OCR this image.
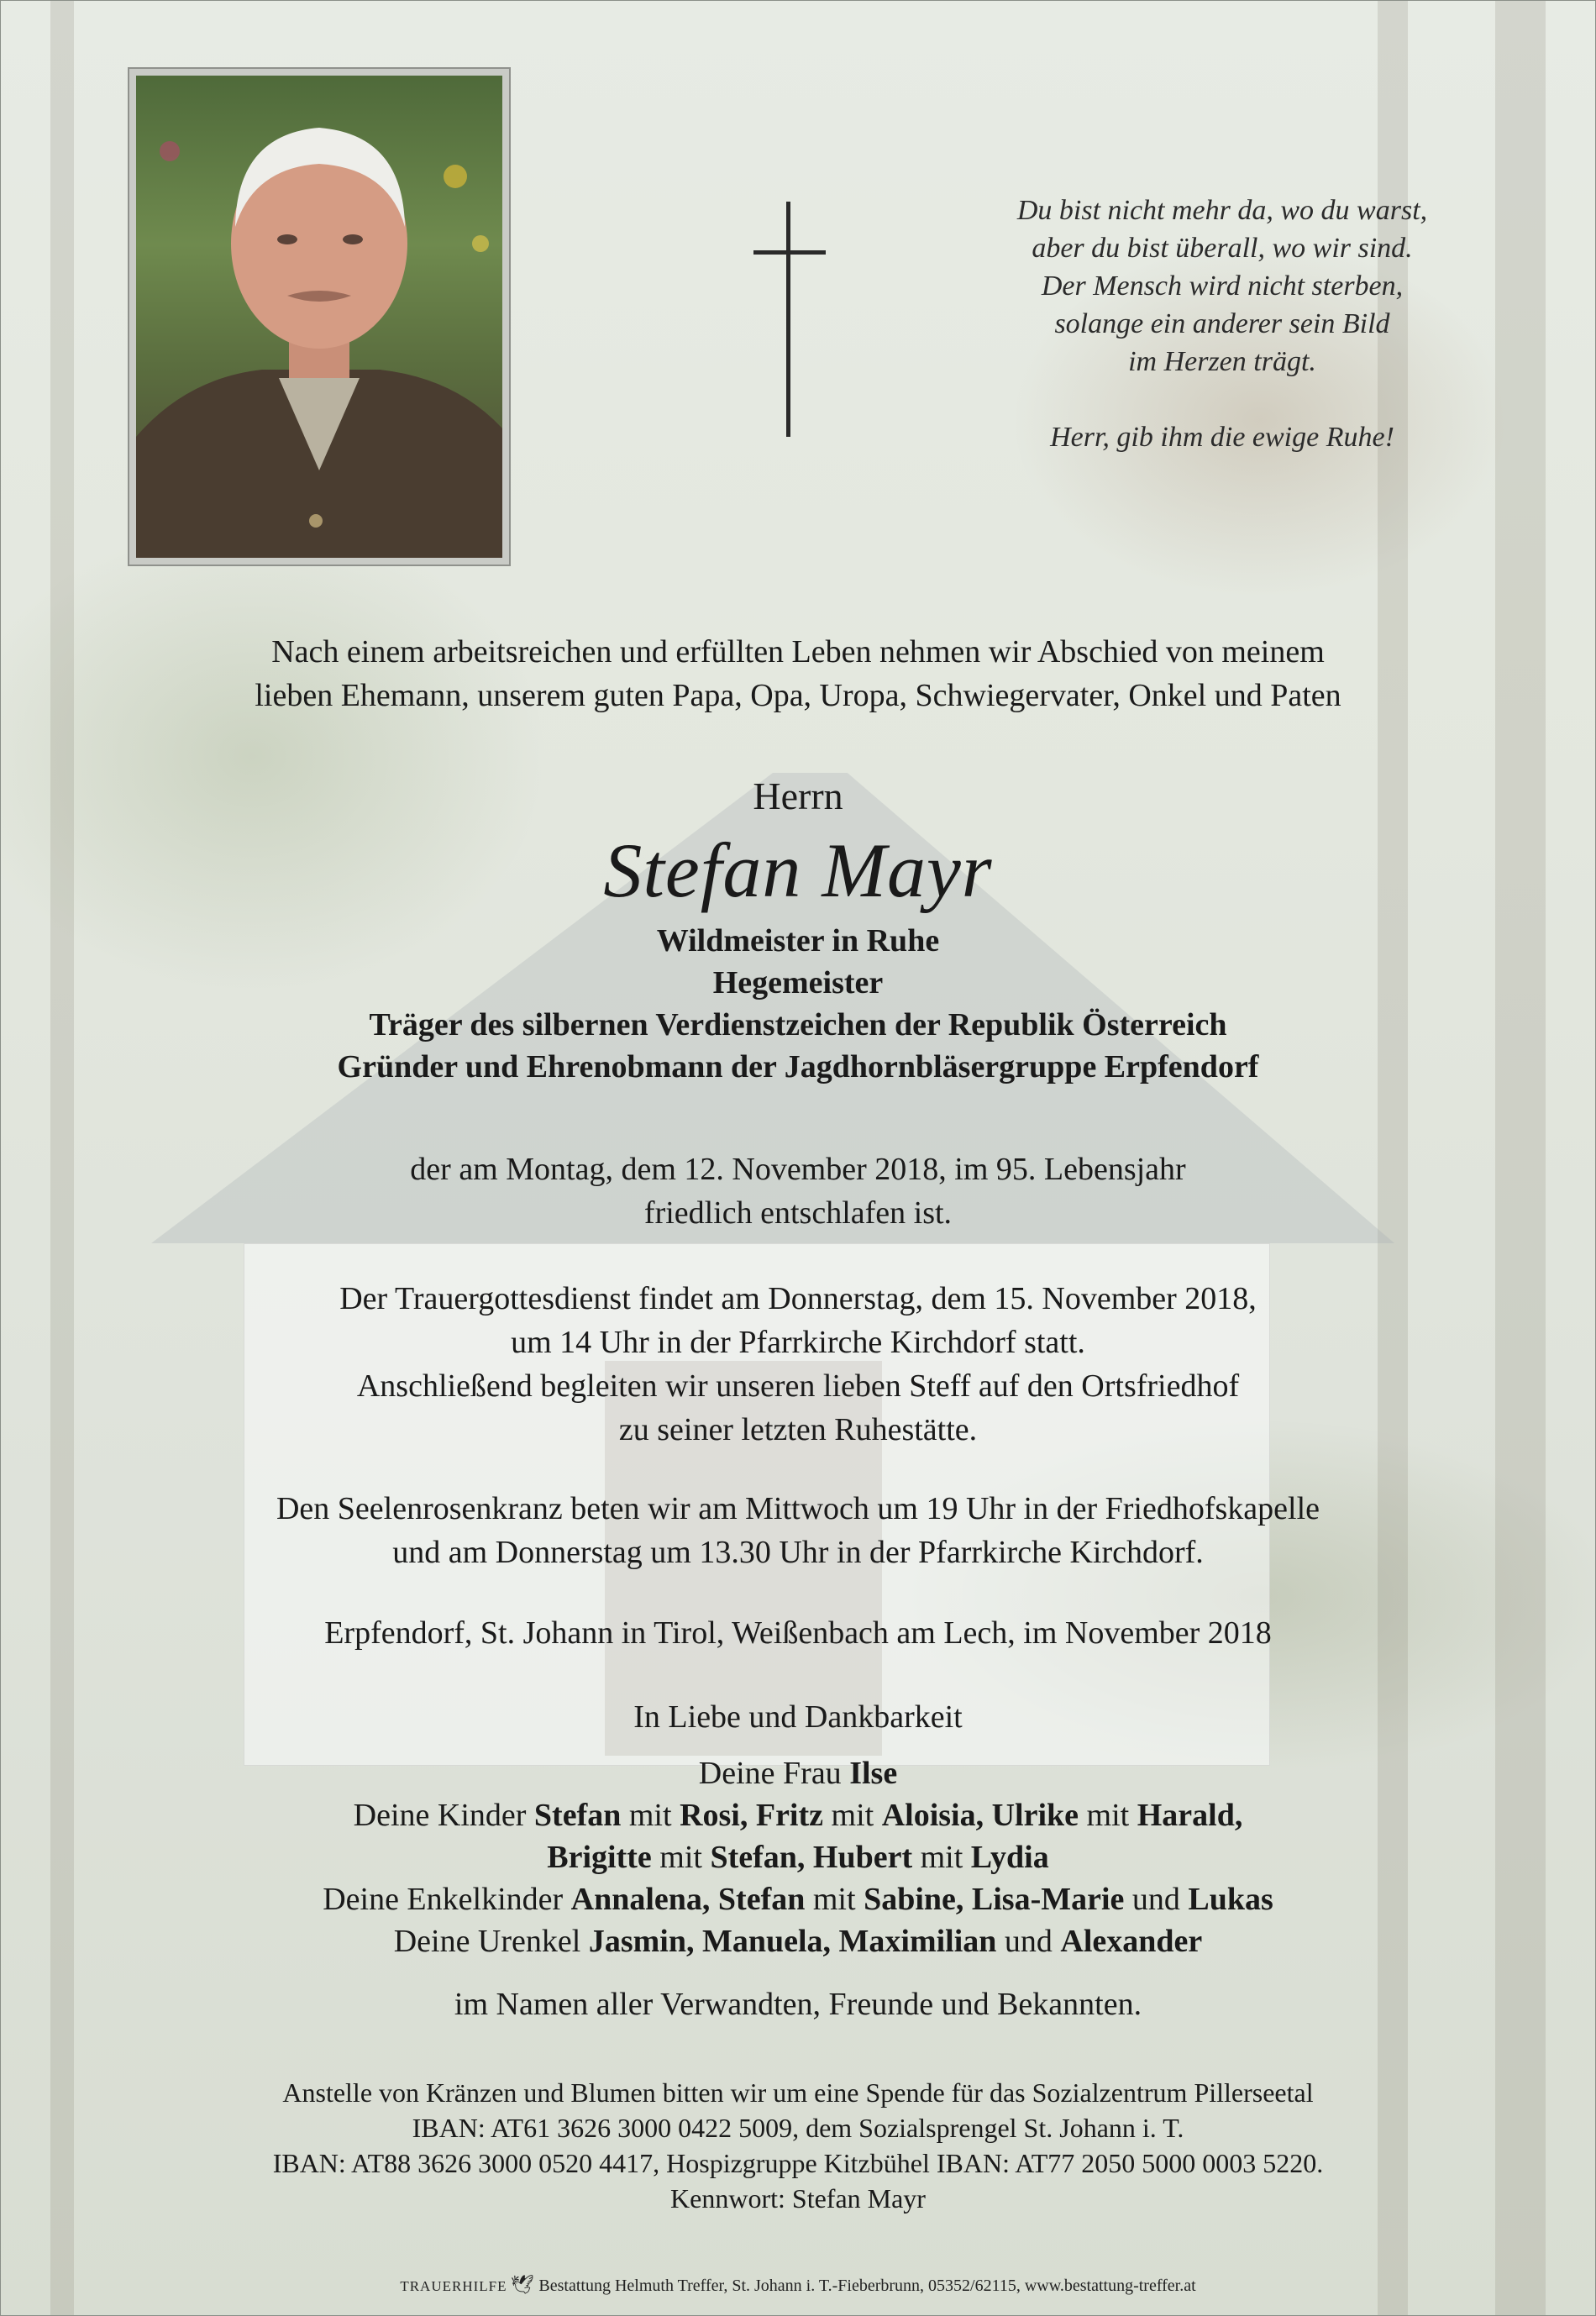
Du bist nicht mehr da, wo du warst,
aber du bist überall, wo wir sind.
Der Mensch wird nicht sterben,
solange ein anderer sein Bild
im Herzen trägt.
Herr, gib ihm die ewige Ruhe!
Nach einem arbeitsreichen und erfüllten Leben nehmen wir Abschied von meinem
lieben Ehemann, unserem guten Papa, Opa, Uropa, Schwiegervater, Onkel und Paten
Herrn
Stefan Mayr
Wildmeister in Ruhe
Hegemeister
Träger des silbernen Verdienstzeichen der Republik Österreich
Gründer und Ehrenobmann der Jagdhornbläsergruppe Erpfendorf
der am Montag, dem 12. November 2018, im 95. Lebensjahr
friedlich entschlafen ist.
Der Trauergottesdienst findet am Donnerstag, dem 15. November 2018,
um 14 Uhr in der Pfarrkirche Kirchdorf statt.
Anschließend begleiten wir unseren lieben Steff auf den Ortsfriedhof
zu seiner letzten Ruhestätte.
Den Seelenrosenkranz beten wir am Mittwoch um 19 Uhr in der Friedhofskapelle
und am Donnerstag um 13.30 Uhr in der Pfarrkirche Kirchdorf.
Erpfendorf, St. Johann in Tirol, Weißenbach am Lech, im November 2018
In Liebe und Dankbarkeit
Deine Frau Ilse
Deine Kinder Stefan mit Rosi, Fritz mit Aloisia, Ulrike mit Harald,
Brigitte mit Stefan, Hubert mit Lydia
Deine Enkelkinder Annalena, Stefan mit Sabine, Lisa-Marie und Lukas
Deine Urenkel Jasmin, Manuela, Maximilian und Alexander
im Namen aller Verwandten, Freunde und Bekannten.
Anstelle von Kränzen und Blumen bitten wir um eine Spende für das Sozialzentrum Pillerseetal
IBAN: AT61 3626 3000 0422 5009, dem Sozialsprengel St. Johann i. T.
IBAN: AT88 3626 3000 0520 4417, Hospizgruppe Kitzbühel IBAN: AT77 2050 5000 0003 5220.
Kennwort: Stefan Mayr
TRAUERHILFE 🕊 Bestattung Helmuth Treffer, St. Johann i. T.-Fieberbrunn, 05352/62115, www.bestattung-treffer.at
